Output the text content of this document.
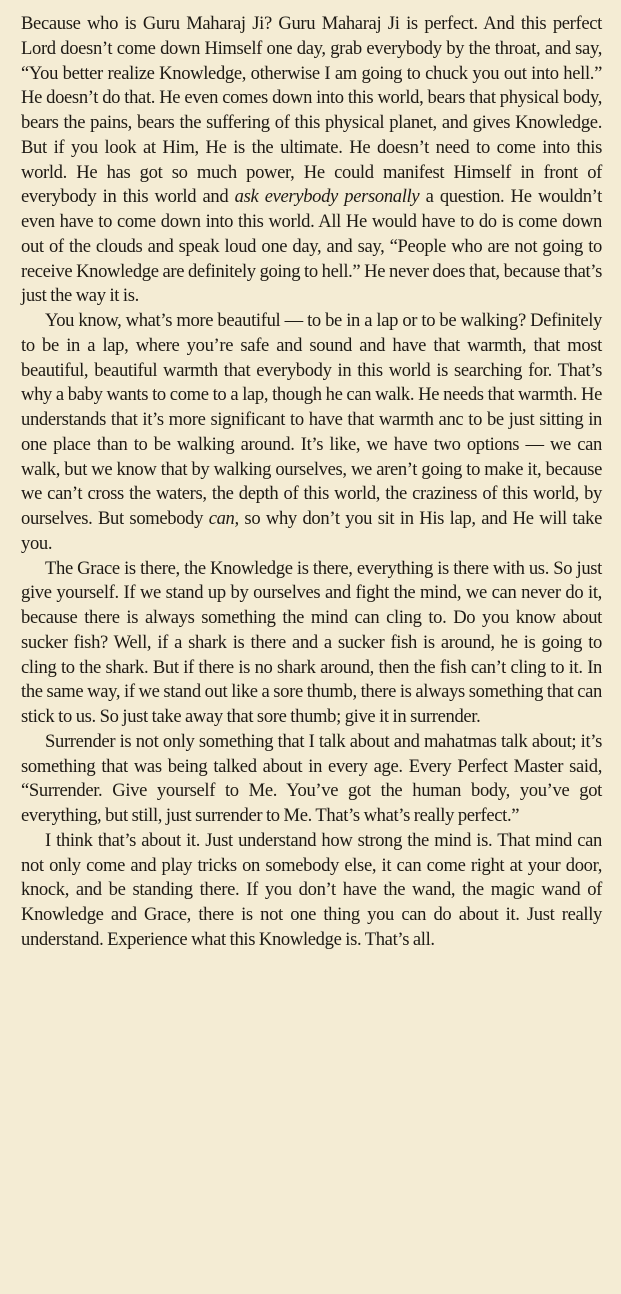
Because who is Guru Maharaj Ji? Guru Maharaj Ji is perfect. And this perfect Lord doesn’t come down Himself one day, grab everybody by the throat, and say, “You better realize Knowledge, otherwise I am going to chuck you out into hell.” He doesn’t do that. He even comes down into this world, bears that physical body, bears the pains, bears the suffering of this physical planet, and gives Knowledge. But if you look at Him, He is the ultimate. He doesn’t need to come into this world. He has got so much power, He could manifest Himself in front of everybody in this world and ask everybody personally a question. He wouldn’t even have to come down into this world. All He would have to do is come down out of the clouds and speak loud one day, and say, “People who are not going to receive Knowledge are definitely going to hell.” He never does that, because that’s just the way it is.

You know, what’s more beautiful — to be in a lap or to be walking? Definitely to be in a lap, where you’re safe and sound and have that warmth, that most beautiful, beautiful warmth that everybody in this world is searching for. That’s why a baby wants to come to a lap, though he can walk. He needs that warmth. He understands that it’s more significant to have that warmth anc to be just sitting in one place than to be walking around. It’s like, we have two options — we can walk, but we know that by walking ourselves, we aren’t going to make it, because we can’t cross the waters, the depth of this world, the craziness of this world, by ourselves. But somebody can, so why don’t you sit in His lap, and He will take you.

The Grace is there, the Knowledge is there, everything is there with us. So just give yourself. If we stand up by ourselves and fight the mind, we can never do it, because there is always something the mind can cling to. Do you know about sucker fish? Well, if a shark is there and a sucker fish is around, he is going to cling to the shark. But if there is no shark around, then the fish can’t cling to it. In the same way, if we stand out like a sore thumb, there is always something that can stick to us. So just take away that sore thumb; give it in surrender.

Surrender is not only something that I talk about and mahatmas talk about; it’s something that was being talked about in every age. Every Perfect Master said, “Surrender. Give yourself to Me. You’ve got the human body, you’ve got everything, but still, just surrender to Me. That’s what’s really perfect.”

I think that’s about it. Just understand how strong the mind is. That mind can not only come and play tricks on somebody else, it can come right at your door, knock, and be standing there. If you don’t have the wand, the magic wand of Knowledge and Grace, there is not one thing you can do about it. Just really understand. Experience what this Knowledge is. That’s all.
